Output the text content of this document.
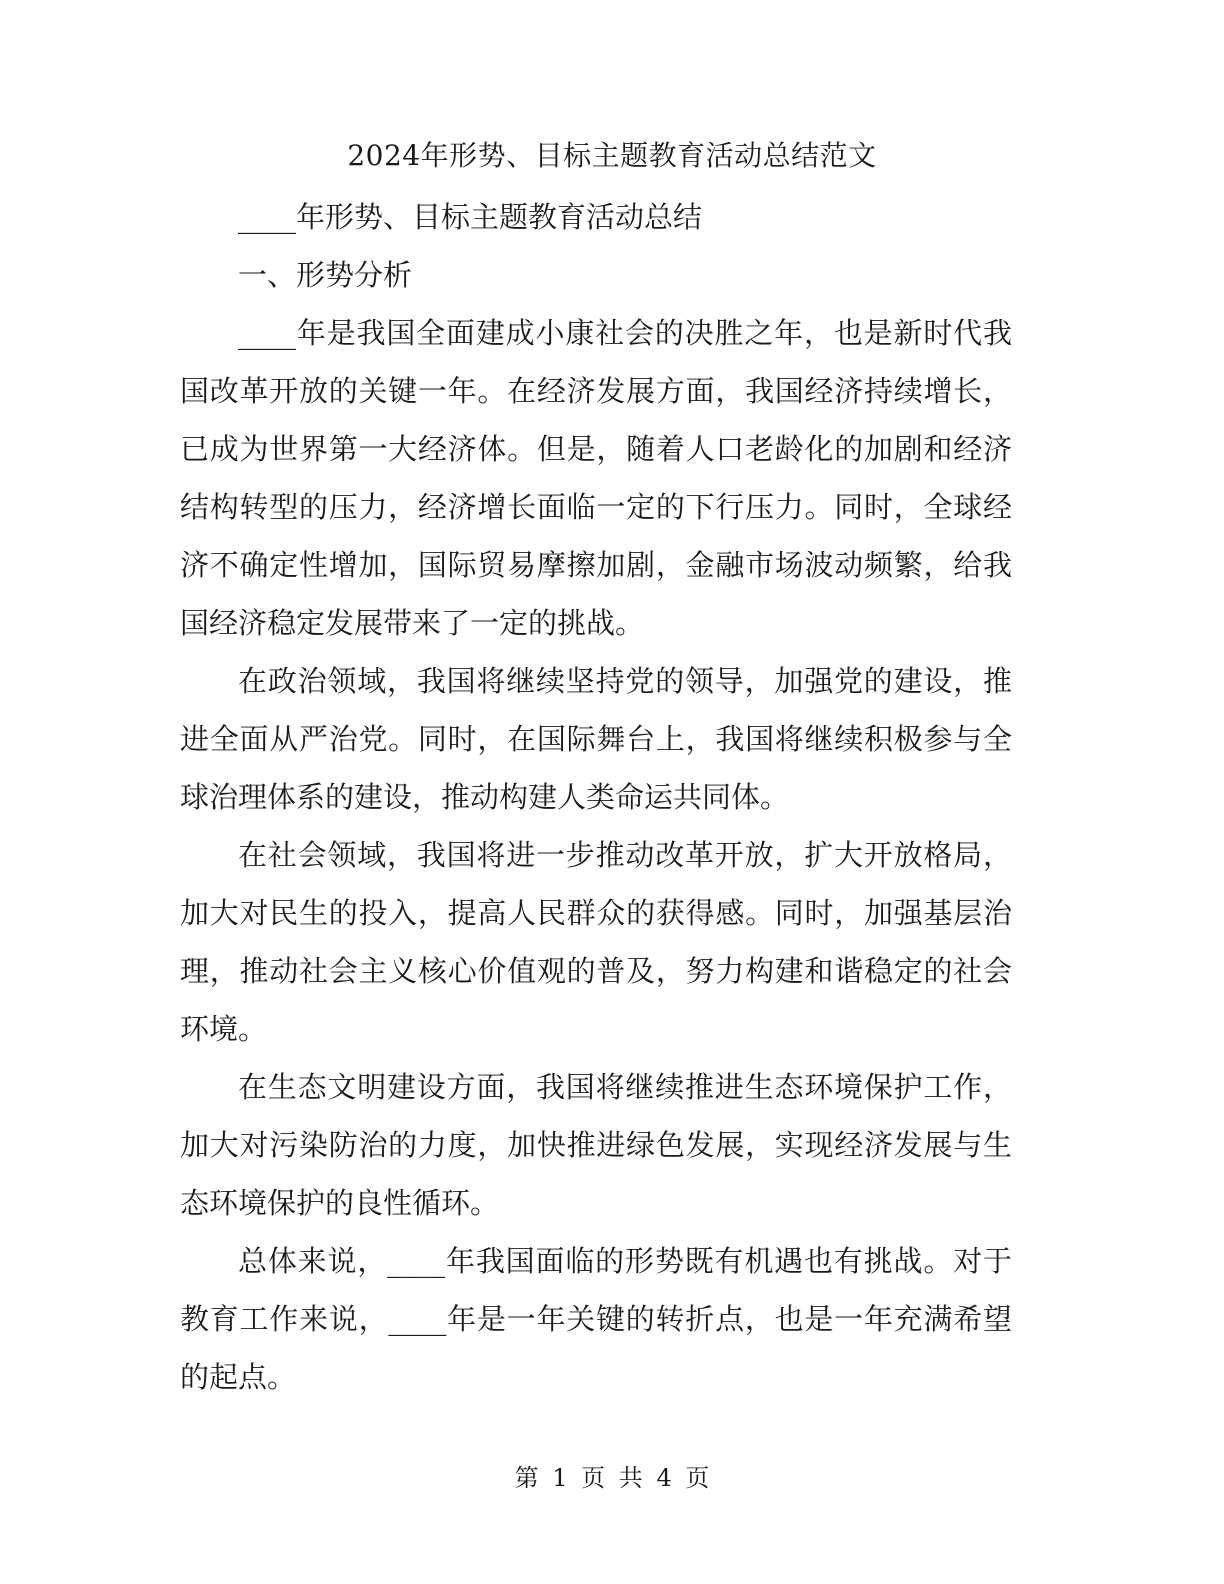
2024年形势、目标主题教育活动总结范文

____年形势、目标主题教育活动总结

一、形势分析

____年是我国全面建成小康社会的决胜之年，也是新时代我国改革开放的关键一年。在经济发展方面，我国经济持续增长，已成为世界第一大经济体。但是，随着人口老龄化的加剧和经济结构转型的压力，经济增长面临一定的下行压力。同时，全球经济不确定性增加，国际贸易摩擦加剧，金融市场波动频繁，给我国经济稳定发展带来了一定的挑战。

在政治领域，我国将继续坚持党的领导，加强党的建设，推进全面从严治党。同时，在国际舞台上，我国将继续积极参与全球治理体系的建设，推动构建人类命运共同体。

在社会领域，我国将进一步推动改革开放，扩大开放格局，加大对民生的投入，提高人民群众的获得感。同时，加强基层治理，推动社会主义核心价值观的普及，努力构建和谐稳定的社会环境。

在生态文明建设方面，我国将继续推进生态环境保护工作，加大对污染防治的力度，加快推进绿色发展，实现经济发展与生态环境保护的良性循环。

总体来说，____年我国面临的形势既有机遇也有挑战。对于教育工作来说，____年是一年关键的转折点，也是一年充满希望的起点。

第 1 页 共 4 页
